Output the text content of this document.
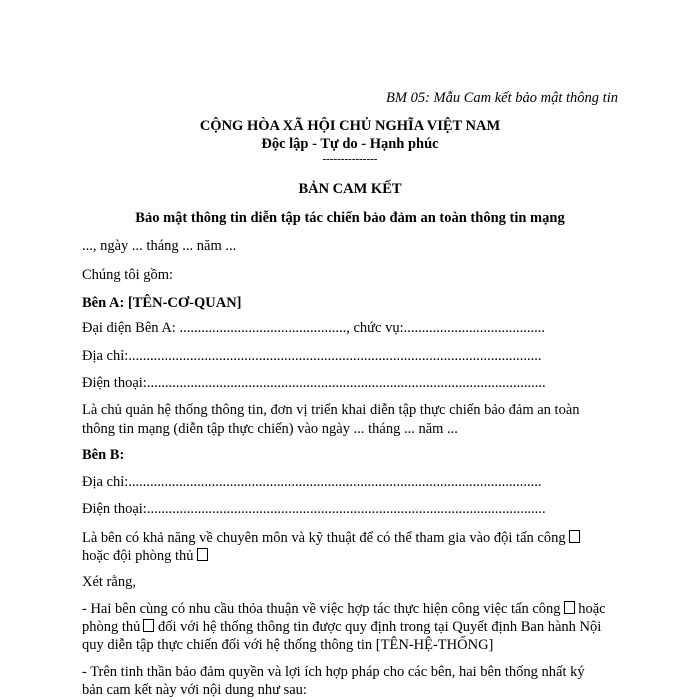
BM 05: Mẫu Cam kết bảo mật thông tin
CỘNG HÒA XÃ HỘI CHỦ NGHĨA VIỆT NAM
Độc lập - Tự do - Hạnh phúc
---------------
BẢN CAM KẾT
Bảo mật thông tin diễn tập tác chiến bảo đảm an toàn thông tin mạng
..., ngày ... tháng ... năm ...
Chúng tôi gồm:
Bên A: [TÊN-CƠ-QUAN]
Đại diện Bên A: .............................................., chức vụ:.......................................
Địa chỉ:..................................................................................................................
Điện thoại:..............................................................................................................
Là chủ quản hệ thống thông tin, đơn vị triển khai diễn tập thực chiến bảo đảm an toàn
thông tin mạng (diễn tập thực chiến) vào ngày ... tháng ... năm ...
Bên B:
Địa chỉ:..................................................................................................................
Điện thoại:..............................................................................................................
Là bên có khả năng về chuyên môn và kỹ thuật để có thể tham gia vào đội tấn công
hoặc đội phòng thủ
Xét rằng,
- Hai bên cùng có nhu cầu thỏa thuận về việc hợp tác thực hiện công việc tấn công hoặc
phòng thủ đối với hệ thống thông tin được quy định trong tại Quyết định Ban hành Nội
quy diễn tập thực chiến đối với hệ thống thông tin [TÊN-HỆ-THỐNG]
- Trên tinh thần bảo đảm quyền và lợi ích hợp pháp cho các bên, hai bên thống nhất ký
bản cam kết này với nội dung như sau:
